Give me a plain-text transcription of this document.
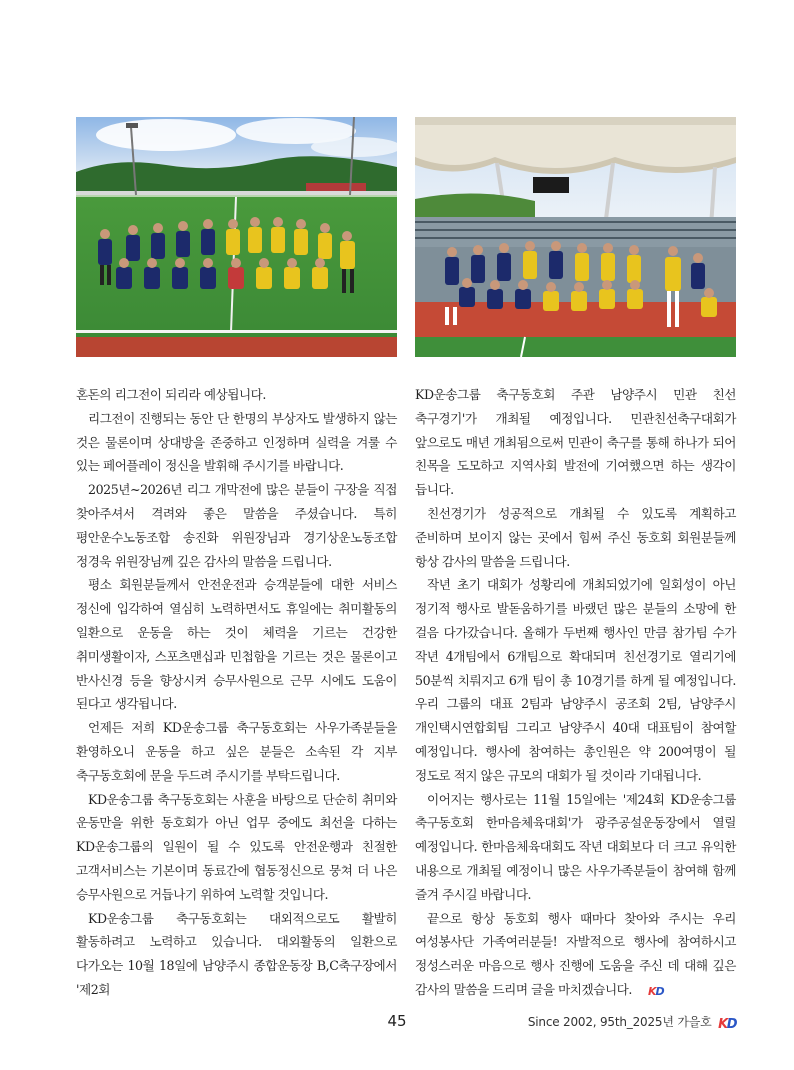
혼돈의 리그전이 되리라 예상됩니다.

리그전이 진행되는 동안 단 한명의 부상자도 발생하지 않는 것은 물론이며 상대방을 존중하고 인정하며 실력을 겨룰 수 있는 페어플레이 정신을 발휘해 주시기를 바랍니다.

2025년~2026년 리그 개막전에 많은 분들이 구장을 직접 찾아주셔서 격려와 좋은 말씀을 주셨습니다. 특히 평안운수노동조합 송진화 위원장님과 경기상운노동조합 정경욱 위원장님께 깊은 감사의 말씀을 드립니다.

평소 회원분들께서 안전운전과 승객분들에 대한 서비스 정신에 입각하여 열심히 노력하면서도 휴일에는 취미활동의 일환으로 운동을 하는 것이 체력을 기르는 건강한 취미생활이자, 스포츠맨십과 민첩함을 기르는 것은 물론이고 반사신경 등을 향상시켜 승무사원으로 근무 시에도 도움이 된다고 생각됩니다.

언제든 저희 KD운송그룹 축구동호회는 사우가족분들을 환영하오니 운동을 하고 싶은 분들은 소속된 각 지부 축구동호회에 문을 두드려 주시기를 부탁드립니다.

KD운송그룹 축구동호회는 사훈을 바탕으로 단순히 취미와 운동만을 위한 동호회가 아닌 업무 중에도 최선을 다하는 KD운송그룹의 일원이 될 수 있도록 안전운행과 친절한 고객서비스는 기본이며 동료간에 협동정신으로 뭉쳐 더 나은 승무사원으로 거듭나기 위하여 노력할 것입니다.

KD운송그룹 축구동호회는 대외적으로도 활발히 활동하려고 노력하고 있습니다. 대외활동의 일환으로 다가오는 10월 18일에 남양주시 종합운동장 B,C축구장에서 '제2회

KD운송그룹 축구동호회 주관 남양주시 민관 친선 축구경기'가 개최될 예정입니다. 민관친선축구대회가 앞으로도 매년 개최됨으로써 민관이 축구를 통해 하나가 되어 친목을 도모하고 지역사회 발전에 기여했으면 하는 생각이 듭니다.

친선경기가 성공적으로 개최될 수 있도록 계획하고 준비하며 보이지 않는 곳에서 힘써 주신 동호회 회원분들께 항상 감사의 말씀을 드립니다.

작년 초기 대회가 성황리에 개최되었기에 일회성이 아닌 정기적 행사로 발돋움하기를 바랬던 많은 분들의 소망에 한 걸음 다가갔습니다. 올해가 두번째 행사인 만큼 참가팀 수가 작년 4개팀에서 6개팀으로 확대되며 친선경기로 열리기에 50분씩 치뤄지고 6개 팀이 총 10경기를 하게 될 예정입니다. 우리 그룹의 대표 2팀과 남양주시 공조회 2팀, 남양주시 개인택시연합회팀 그리고 남양주시 40대 대표팀이 참여할 예정입니다. 행사에 참여하는 총인원은 약 200여명이 될 정도로 적지 않은 규모의 대회가 될 것이라 기대됩니다.

이어지는 행사로는 11월 15일에는 '제24회 KD운송그룹 축구동호회 한마음체육대회'가 광주공설운동장에서 열릴 예정입니다. 한마음체육대회도 작년 대회보다 더 크고 유익한 내용으로 개최될 예정이니 많은 사우가족분들이 참여해 함께 즐겨 주시길 바랍니다.

끝으로 항상 동호회 행사 때마다 찾아와 주시는 우리 여성봉사단 가족여러분들! 자발적으로 행사에 참여하시고 정성스러운 마음으로 행사 진행에 도움을 주신 데 대해 깊은 감사의 말씀을 드리며 글을 마치겠습니다. KD

45	Since 2002, 95th_2025년 가을호 KD
